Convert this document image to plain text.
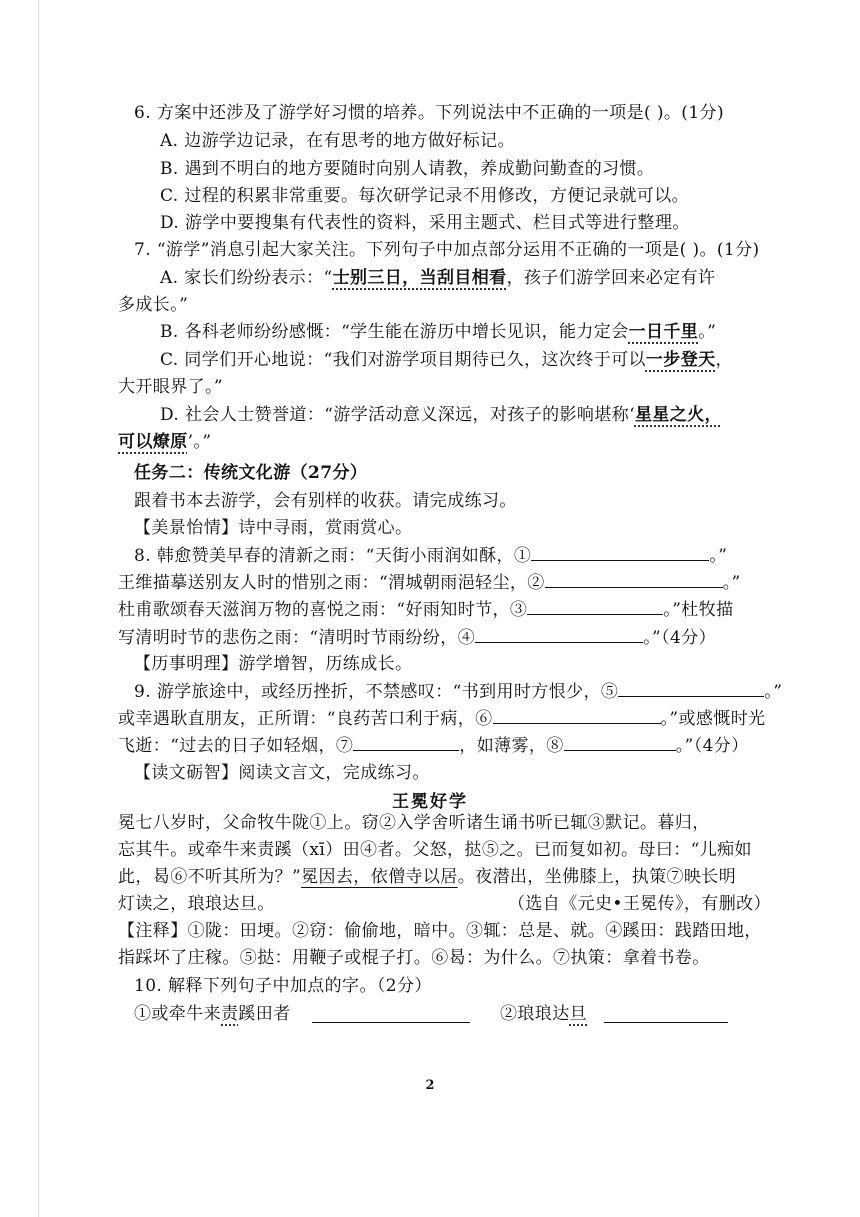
6. 方案中还涉及了游学好习惯的培养。下列说法中不正确的一项是( )。(1分)
A. 边游学边记录，在有思考的地方做好标记。
B. 遇到不明白的地方要随时向别人请教，养成勤问勤查的习惯。
C. 过程的积累非常重要。每次研学记录不用修改，方便记录就可以。
D. 游学中要搜集有代表性的资料，采用主题式、栏目式等进行整理。
7. “游学”消息引起大家关注。下列句子中加点部分运用不正确的一项是( )。(1分)
A. 家长们纷纷表示：“士别三日，当刮目相看，孩子们游学回来必定有许
多成长。”
B. 各科老师纷纷感慨：“学生能在游历中增长见识，能力定会一日千里。”
C. 同学们开心地说：“我们对游学项目期待已久，这次终于可以一步登天，
大开眼界了。”
D. 社会人士赞誉道：“游学活动意义深远，对孩子的影响堪称‘星星之火，
可以燎原’。”
任务二：传统文化游（27分）
跟着书本去游学，会有别样的收获。请完成练习。
【美景怡情】诗中寻雨，赏雨赏心。
8. 韩愈赞美早春的清新之雨：“天街小雨润如酥，①	。”
王维描摹送别友人时的惜别之雨：“渭城朝雨浥轻尘，②	。”
杜甫歌颂春天滋润万物的喜悦之雨：“好雨知时节，③	。”杜牧描
写清明时节的悲伤之雨：“清明时节雨纷纷，④	。”（4分）
【历事明理】游学增智，历练成长。
9. 游学旅途中，或经历挫折，不禁感叹：“书到用时方恨少，⑤	。”
或幸遇耿直朋友，正所谓：“良药苦口利于病，⑥	。”或感慨时光
飞逝：“过去的日子如轻烟，⑦	，如薄雾，⑧	。”（4分）
【读文砺智】阅读文言文，完成练习。
王冕好学
冕七八岁时，父命牧牛陇①上。窃②入学舍听诸生诵书听已辄③默记。暮归，
忘其牛。或牵牛来责蹊（xī）田④者。父怒，挞⑤之。已而复如初。母曰：“儿痴如
此，曷⑥不听其所为？”冕因去，依僧寺以居。夜潜出，坐佛膝上，执策⑦映长明
灯读之，琅琅达旦。	（选自《元史•王冕传》，有删改）
【注释】①陇：田埂。②窃：偷偷地，暗中。③辄：总是、就。④蹊田：践踏田地，
指踩坏了庄稼。⑤挞：用鞭子或棍子打。⑥曷：为什么。⑦执策：拿着书卷。
10. 解释下列句子中加点的字。（2分）
①或牵牛来责蹊田者	②琅琅达旦
2
